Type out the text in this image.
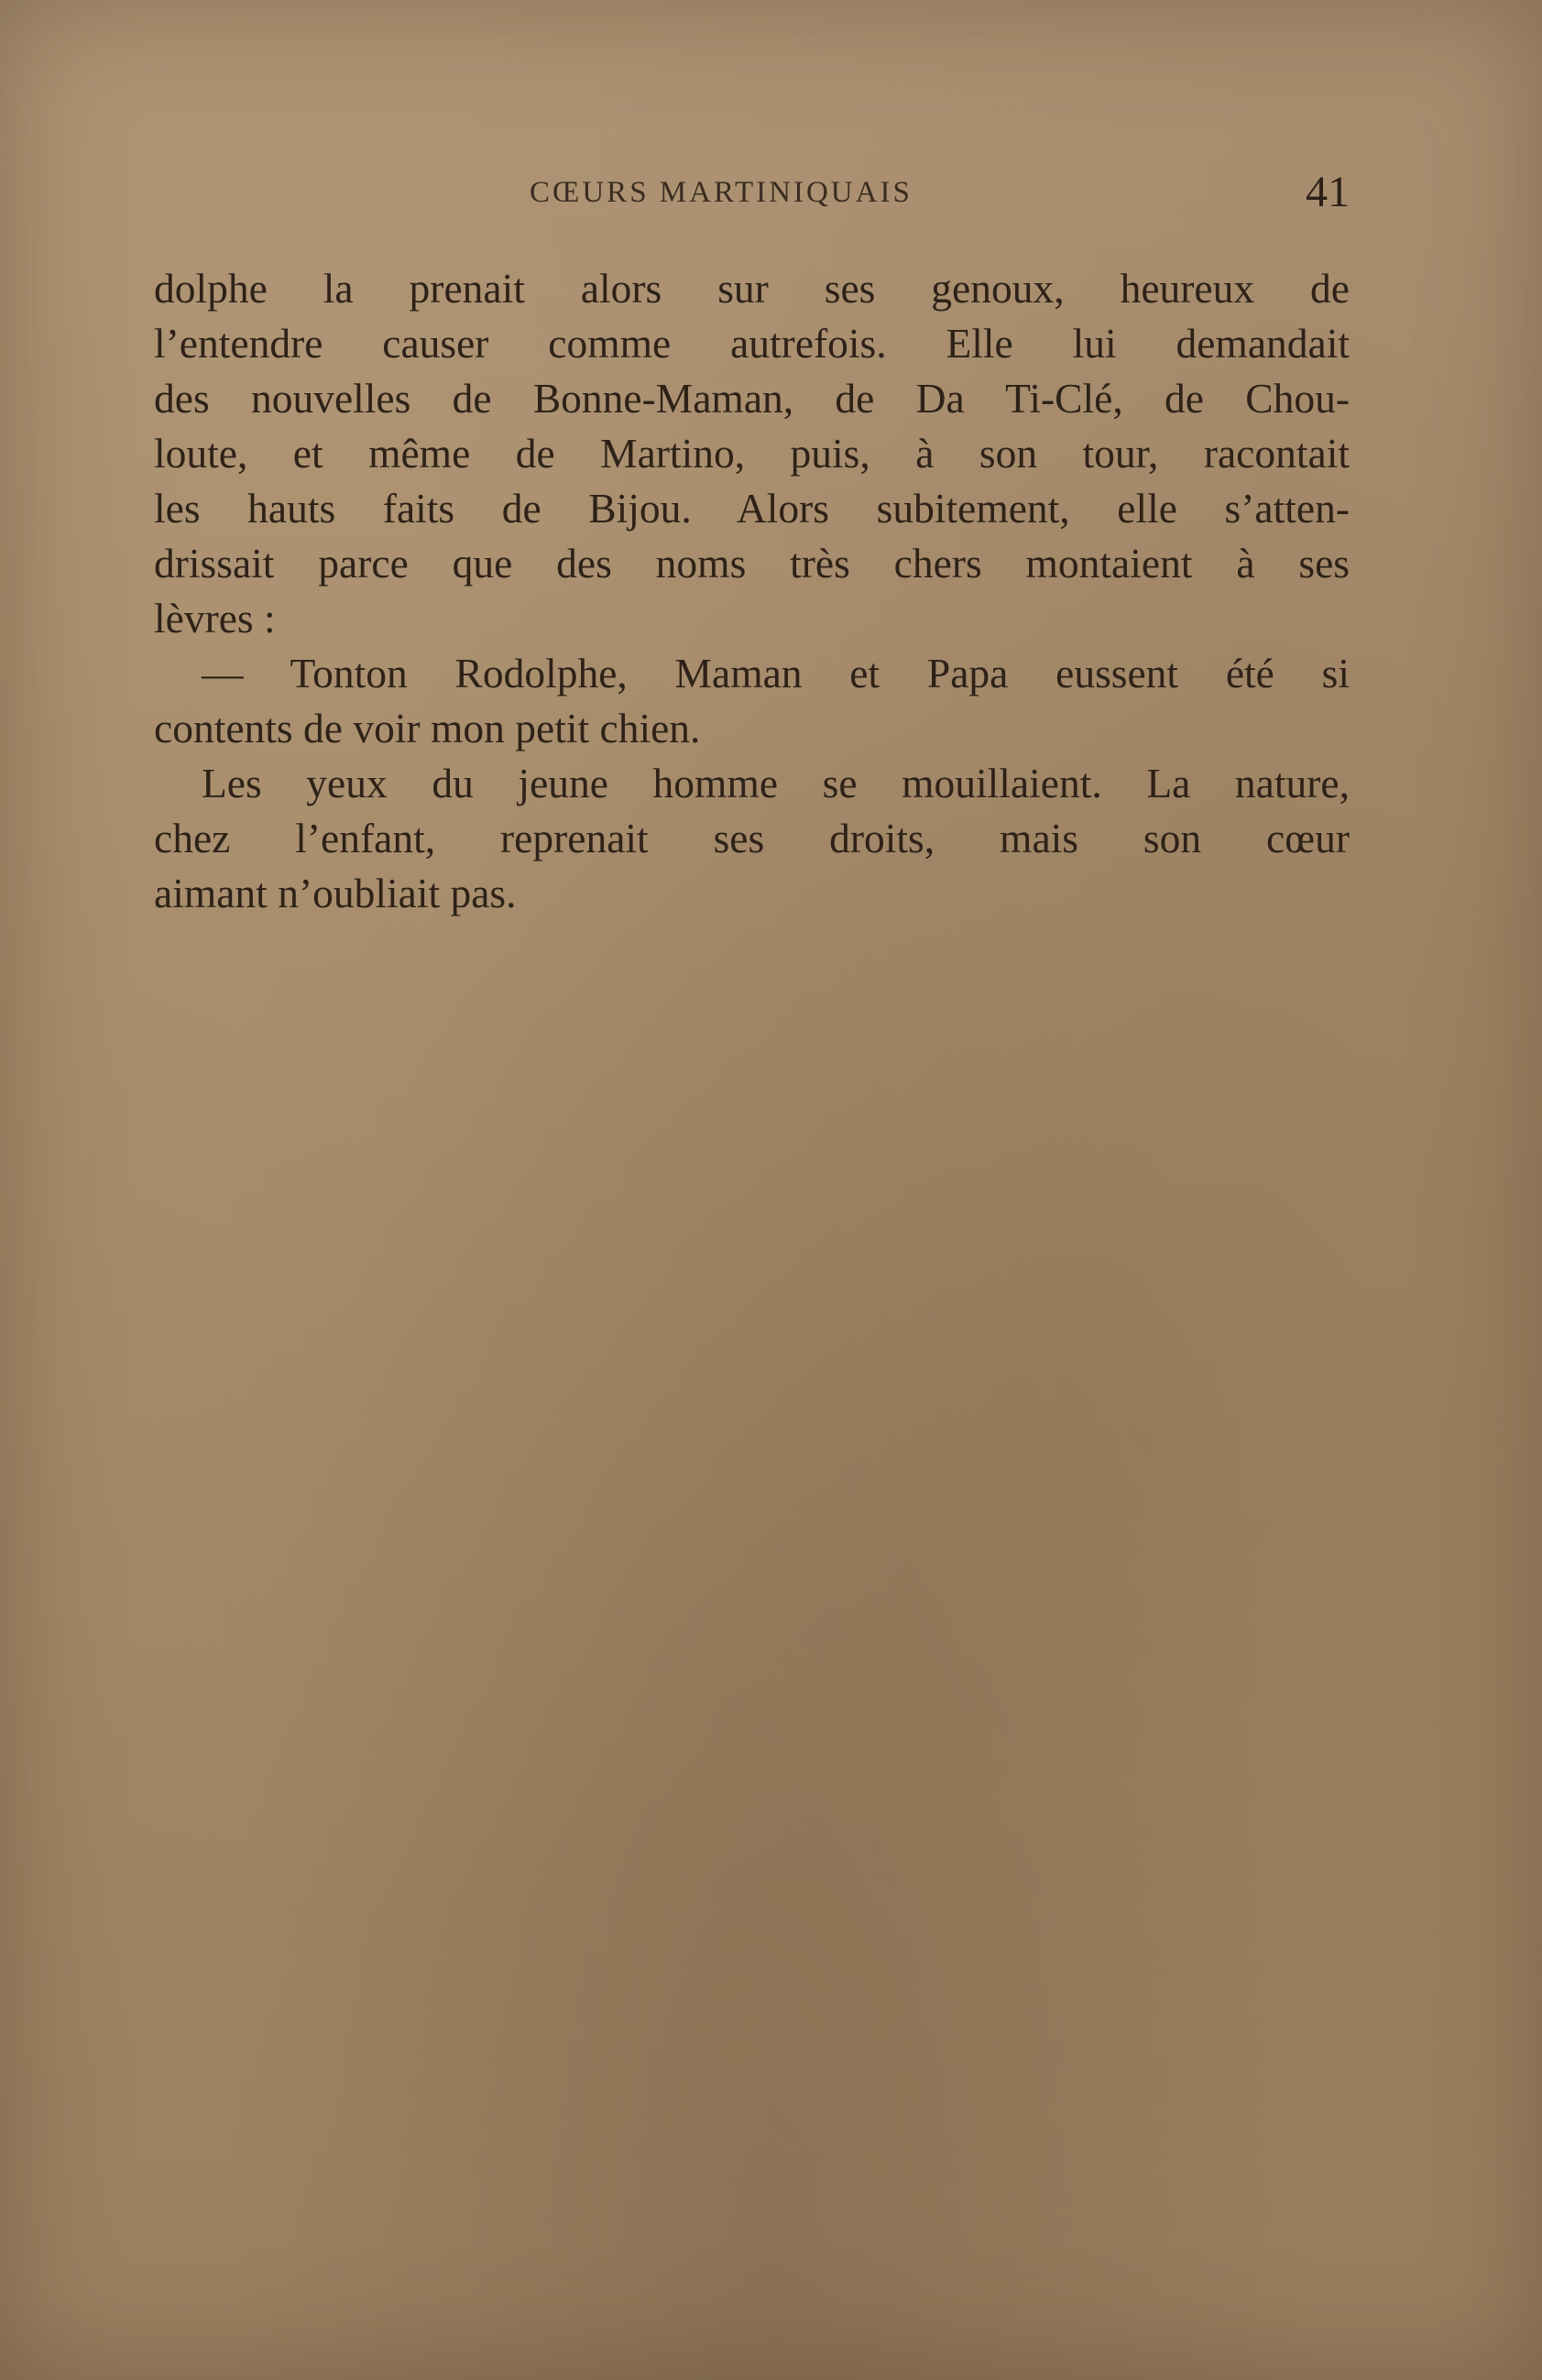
CŒURS MARTINIQUAIS	41
dolphe la prenait alors sur ses genoux, heureux de
l’entendre causer comme autrefois. Elle lui demandait
des nouvelles de Bonne-Maman, de Da Ti-Clé, de Chou-
loute, et même de Martino, puis, à son tour, racontait
les hauts faits de Bijou. Alors subitement, elle s’atten-
drissait parce que des noms très chers montaient à ses
lèvres :
— Tonton Rodolphe, Maman et Papa eussent été si
contents de voir mon petit chien.
Les yeux du jeune homme se mouillaient. La nature,
chez l’enfant, reprenait ses droits, mais son cœur
aimant n’oubliait pas.
